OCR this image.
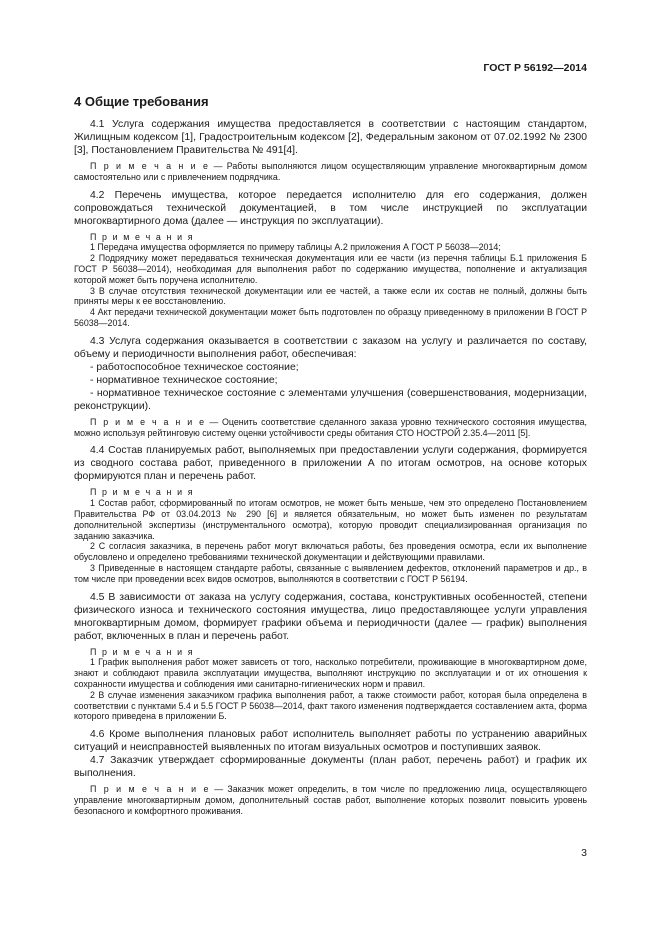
ГОСТ Р 56192—2014
4 Общие требования

4.1 Услуга содержания имущества предоставляется в соответствии с настоящим стандартом, Жилищным кодексом [1], Градостроительным кодексом [2], Федеральным законом от 07.02.1992 № 2300 [3], Постановлением Правительства № 491[4].

П р и м е ч а н и е — Работы выполняются лицом осуществляющим управление многоквартирным домом самостоятельно или с привлечением подрядчика.

4.2 Перечень имущества, которое передается исполнителю для его содержания, должен сопровождаться технической документацией, в том числе инструкцией по эксплуатации многоквартирного дома (далее — инструкция по эксплуатации).

П р и м е ч а н и я

1 Передача имущества оформляется по примеру таблицы А.2 приложения А ГОСТ Р 56038—2014;

2 Подрядчику может передаваться техническая документация или ее части (из перечня таблицы Б.1 приложения Б ГОСТ Р 56038—2014), необходимая для выполнения работ по содержанию имущества, пополнение и актуализация которой может быть поручена исполнителю.

3 В случае отсутствия технической документации или ее частей, а также если их состав не полный, должны быть приняты меры к ее восстановлению.

4 Акт передачи технической документации может быть подготовлен по образцу приведенному в приложении В ГОСТ Р 56038—2014.

4.3 Услуга содержания оказывается в соответствии с заказом на услугу и различается по составу, объему и периодичности выполнения работ, обеспечивая:

- работоспособное техническое состояние;

- нормативное техническое состояние;

- нормативное техническое состояние с элементами улучшения (совершенствования, модернизации, реконструкции).

П р и м е ч а н и е — Оценить соответствие сделанного заказа уровню технического состояния имущества, можно используя рейтинговую систему оценки устойчивости среды обитания СТО НОСТРОЙ 2.35.4—2011 [5].

4.4 Состав планируемых работ, выполняемых при предоставлении услуги содержания, формируется из сводного состава работ, приведенного в приложении А по итогам осмотров, на основе которых формируются план и перечень работ.

П р и м е ч а н и я

1 Состав работ, сформированный по итогам осмотров, не может быть меньше, чем это определено Постановлением Правительства РФ от 03.04.2013 № 290 [6] и является обязательным, но может быть изменен по результатам дополнительной экспертизы (инструментального осмотра), которую проводит специализированная организация по заданию заказчика.

2 С согласия заказчика, в перечень работ могут включаться работы, без проведения осмотра, если их выполнение обусловлено и определено требованиями технической документации и действующими правилами.

3 Приведенные в настоящем стандарте работы, связанные с выявлением дефектов, отклонений параметров и др., в том числе при проведении всех видов осмотров, выполняются в соответствии с ГОСТ Р 56194.

4.5 В зависимости от заказа на услугу содержания, состава, конструктивных особенностей, степени физического износа и технического состояния имущества, лицо предоставляющее услуги управления многоквартирным домом, формирует графики объема и периодичности (далее — график) выполнения работ, включенных в план и перечень работ.

П р и м е ч а н и я

1 График выполнения работ может зависеть от того, насколько потребители, проживающие в многоквартирном доме, знают и соблюдают правила эксплуатации имущества, выполняют инструкцию по эксплуатации и от их отношения к сохранности имущества и соблюдения ими санитарно-гигиенических норм и правил.

2 В случае изменения заказчиком графика выполнения работ, а также стоимости работ, которая была определена в соответствии с пунктами 5.4 и 5.5 ГОСТ Р 56038—2014, факт такого изменения подтверждается составлением акта, форма которого приведена в приложении Б.

4.6 Кроме выполнения плановых работ исполнитель выполняет работы по устранению аварийных ситуаций и неисправностей выявленных по итогам визуальных осмотров и поступивших заявок.

4.7 Заказчик утверждает сформированные документы (план работ, перечень работ) и график их выполнения.

П р и м е ч а н и е — Заказчик может определить, в том числе по предложению лица, осуществляющего управление многоквартирным домом, дополнительный состав работ, выполнение которых позволит повысить уровень безопасного и комфортного проживания.

3
